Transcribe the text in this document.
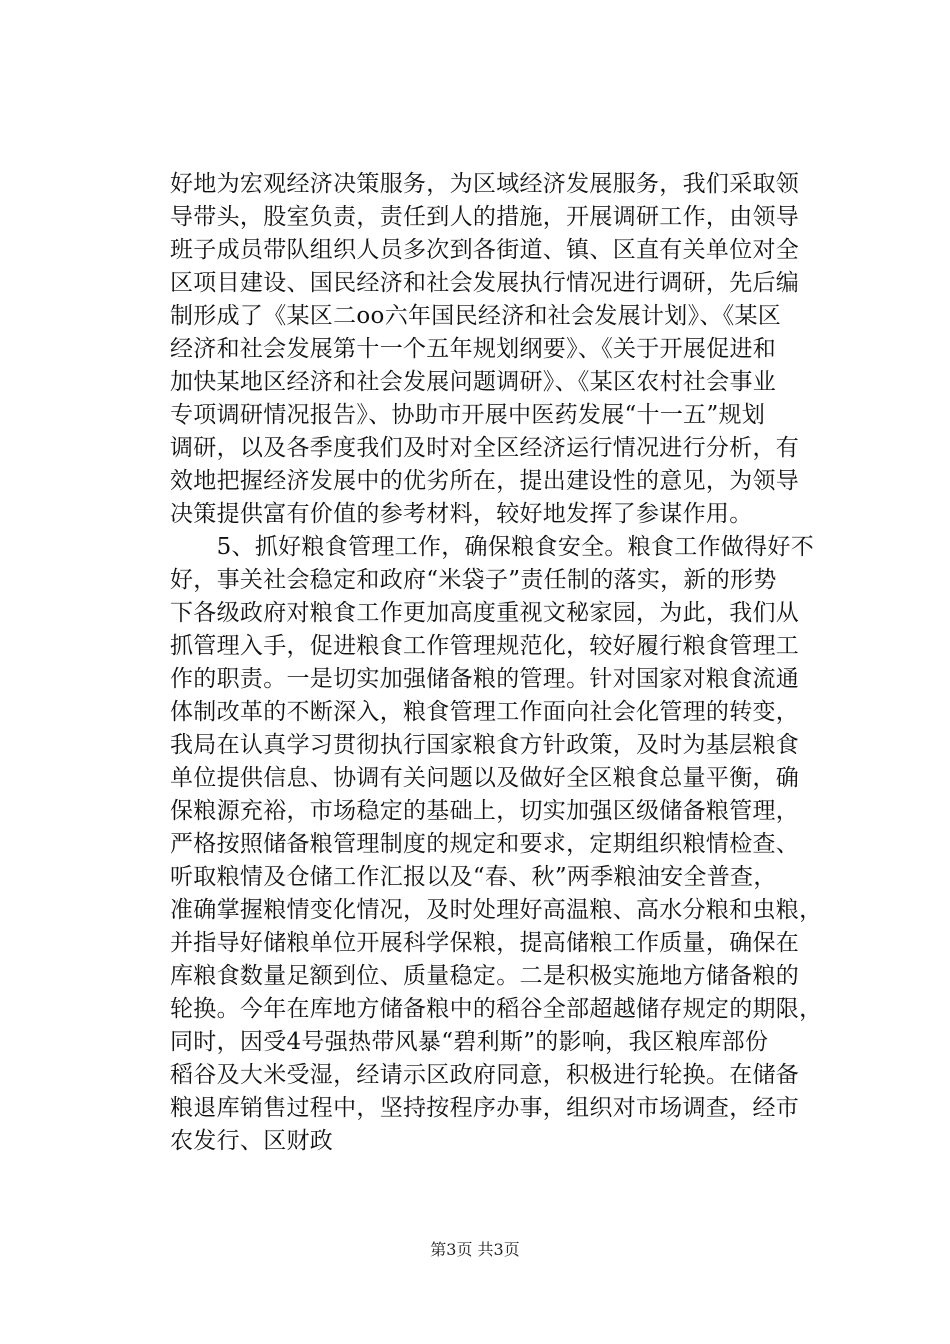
好地为宏观经济决策服务，为区域经济发展服务，我们采取领
导带头，股室负责，责任到人的措施，开展调研工作，由领导
班子成员带队组织人员多次到各街道、镇、区直有关单位对全
区项目建设、国民经济和社会发展执行情况进行调研，先后编
制形成了《某区二oo六年国民经济和社会发展计划》、《某区
经济和社会发展第十一个五年规划纲要》、《关于开展促进和
加快某地区经济和社会发展问题调研》、《某区农村社会事业
专项调研情况报告》、协助市开展中医药发展“十一五”规划
调研，以及各季度我们及时对全区经济运行情况进行分析，有
效地把握经济发展中的优劣所在，提出建设性的意见，为领导
决策提供富有价值的参考材料，较好地发挥了参谋作用。
　　5、抓好粮食管理工作，确保粮食安全。粮食工作做得好不
好，事关社会稳定和政府“米袋子”责任制的落实，新的形势
下各级政府对粮食工作更加高度重视文秘家园，为此，我们从
抓管理入手，促进粮食工作管理规范化，较好履行粮食管理工
作的职责。一是切实加强储备粮的管理。针对国家对粮食流通
体制改革的不断深入，粮食管理工作面向社会化管理的转变，
我局在认真学习贯彻执行国家粮食方针政策，及时为基层粮食
单位提供信息、协调有关问题以及做好全区粮食总量平衡，确
保粮源充裕，市场稳定的基础上，切实加强区级储备粮管理，
严格按照储备粮管理制度的规定和要求，定期组织粮情检查、
听取粮情及仓储工作汇报以及“春、秋”两季粮油安全普查，
准确掌握粮情变化情况，及时处理好高温粮、高水分粮和虫粮，
并指导好储粮单位开展科学保粮，提高储粮工作质量，确保在
库粮食数量足额到位、质量稳定。二是积极实施地方储备粮的
轮换。今年在库地方储备粮中的稻谷全部超越储存规定的期限，
同时，因受4号强热带风暴“碧利斯”的影响，我区粮库部份
稻谷及大米受湿，经请示区政府同意，积极进行轮换。在储备
粮退库销售过程中，坚持按程序办事，组织对市场调查，经市
农发行、区财政
第3页 共3页
